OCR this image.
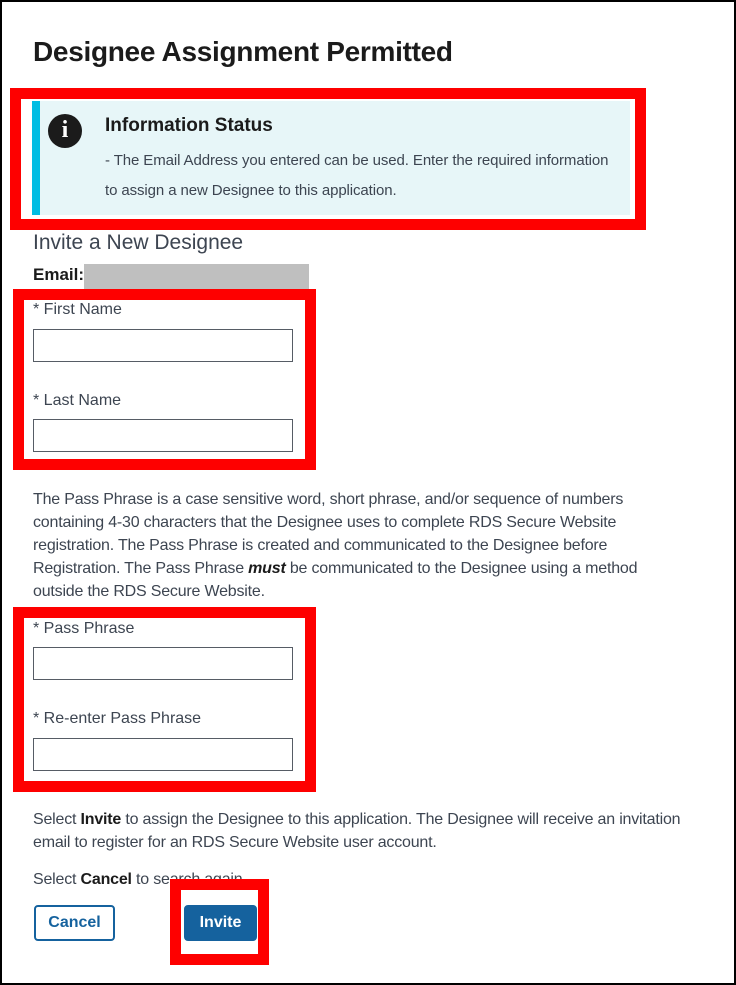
Designee Assignment Permitted
i	Information Status

- The Email Address you entered can be used. Enter the required information to assign a new Designee to this application.

Invite a New Designee
Email:
* First Name
* Last Name

The Pass Phrase is a case sensitive word, short phrase, and/or sequence of numbers containing 4-30 characters that the Designee uses to complete RDS Secure Website registration. The Pass Phrase is created and communicated to the Designee before Registration. The Pass Phrase must be communicated to the Designee using a method outside the RDS Secure Website.

* Pass Phrase
* Re-enter Pass Phrase

Select Invite to assign the Designee to this application. The Designee will receive an invitation email to register for an RDS Secure Website user account.

Select Cancel to search again.

Cancel	Invite
